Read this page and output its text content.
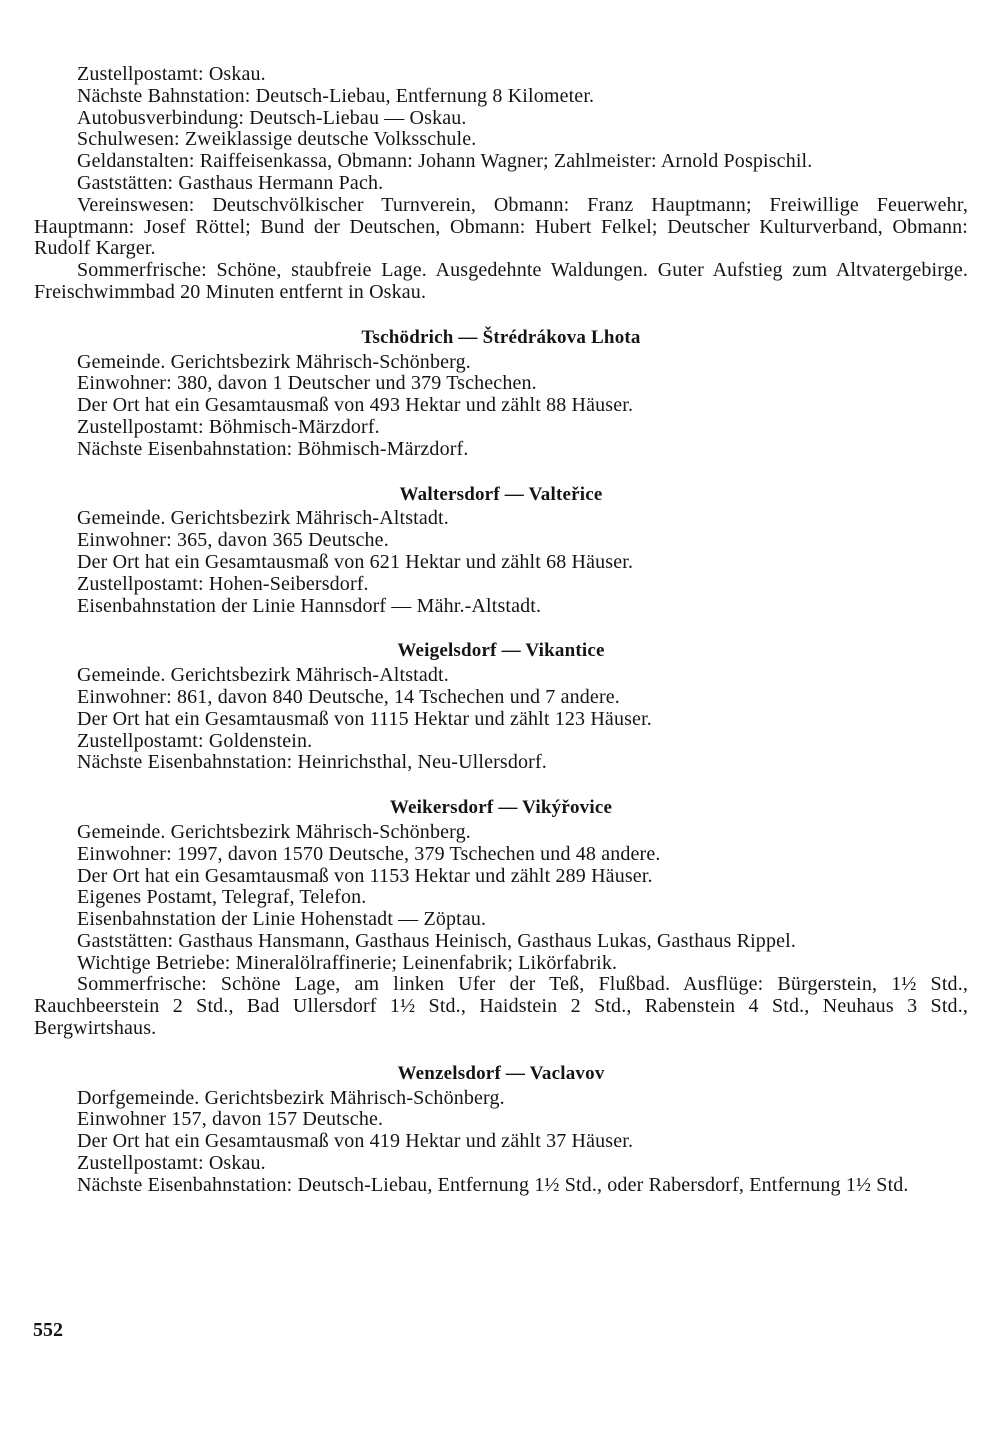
Zustellpostamt: Oskau.

Nächste Bahnstation: Deutsch-Liebau, Entfernung 8 Kilometer.

Autobusverbindung: Deutsch-Liebau — Oskau.

Schulwesen: Zweiklassige deutsche Volksschule.

Geldanstalten: Raiffeisenkassa, Obmann: Johann Wagner; Zahlmeister: Arnold Pospischil.

Gaststätten: Gasthaus Hermann Pach.

Vereinswesen: Deutschvölkischer Turnverein, Obmann: Franz Hauptmann; Freiwillige Feuerwehr, Hauptmann: Josef Röttel; Bund der Deutschen, Obmann: Hubert Felkel; Deutscher Kulturverband, Obmann: Rudolf Karger.

Sommerfrische: Schöne, staubfreie Lage. Ausgedehnte Waldungen. Guter Aufstieg zum Altvatergebirge. Freischwimmbad 20 Minuten entfernt in Oskau.

Tschödrich — Štrédrákova Lhota

Gemeinde. Gerichtsbezirk Mährisch-Schönberg.

Einwohner: 380, davon 1 Deutscher und 379 Tschechen.

Der Ort hat ein Gesamtausmaß von 493 Hektar und zählt 88 Häuser.

Zustellpostamt: Böhmisch-Märzdorf.

Nächste Eisenbahnstation: Böhmisch-Märzdorf.

Waltersdorf — Valteřice

Gemeinde. Gerichtsbezirk Mährisch-Altstadt.

Einwohner: 365, davon 365 Deutsche.

Der Ort hat ein Gesamtausmaß von 621 Hektar und zählt 68 Häuser.

Zustellpostamt: Hohen-Seibersdorf.

Eisenbahnstation der Linie Hannsdorf — Mähr.-Altstadt.

Weigelsdorf — Vikantice

Gemeinde. Gerichtsbezirk Mährisch-Altstadt.

Einwohner: 861, davon 840 Deutsche, 14 Tschechen und 7 andere.

Der Ort hat ein Gesamtausmaß von 1115 Hektar und zählt 123 Häuser.

Zustellpostamt: Goldenstein.

Nächste Eisenbahnstation: Heinrichsthal, Neu-Ullersdorf.

Weikersdorf — Vikýřovice

Gemeinde. Gerichtsbezirk Mährisch-Schönberg.

Einwohner: 1997, davon 1570 Deutsche, 379 Tschechen und 48 andere.

Der Ort hat ein Gesamtausmaß von 1153 Hektar und zählt 289 Häuser.

Eigenes Postamt, Telegraf, Telefon.

Eisenbahnstation der Linie Hohenstadt — Zöptau.

Gaststätten: Gasthaus Hansmann, Gasthaus Heinisch, Gasthaus Lukas, Gasthaus Rippel.

Wichtige Betriebe: Mineralölraffinerie; Leinenfabrik; Likörfabrik.

Sommerfrische: Schöne Lage, am linken Ufer der Teß, Flußbad. Ausflüge: Bürgerstein, 1½ Std., Rauchbeerstein 2 Std., Bad Ullersdorf 1½ Std., Haidstein 2 Std., Rabenstein 4 Std., Neuhaus 3 Std., Bergwirtshaus.

Wenzelsdorf — Vaclavov

Dorfgemeinde. Gerichtsbezirk Mährisch-Schönberg.

Einwohner 157, davon 157 Deutsche.

Der Ort hat ein Gesamtausmaß von 419 Hektar und zählt 37 Häuser.

Zustellpostamt: Oskau.

Nächste Eisenbahnstation: Deutsch-Liebau, Entfernung 1½ Std., oder Rabersdorf, Entfernung 1½ Std.

552
